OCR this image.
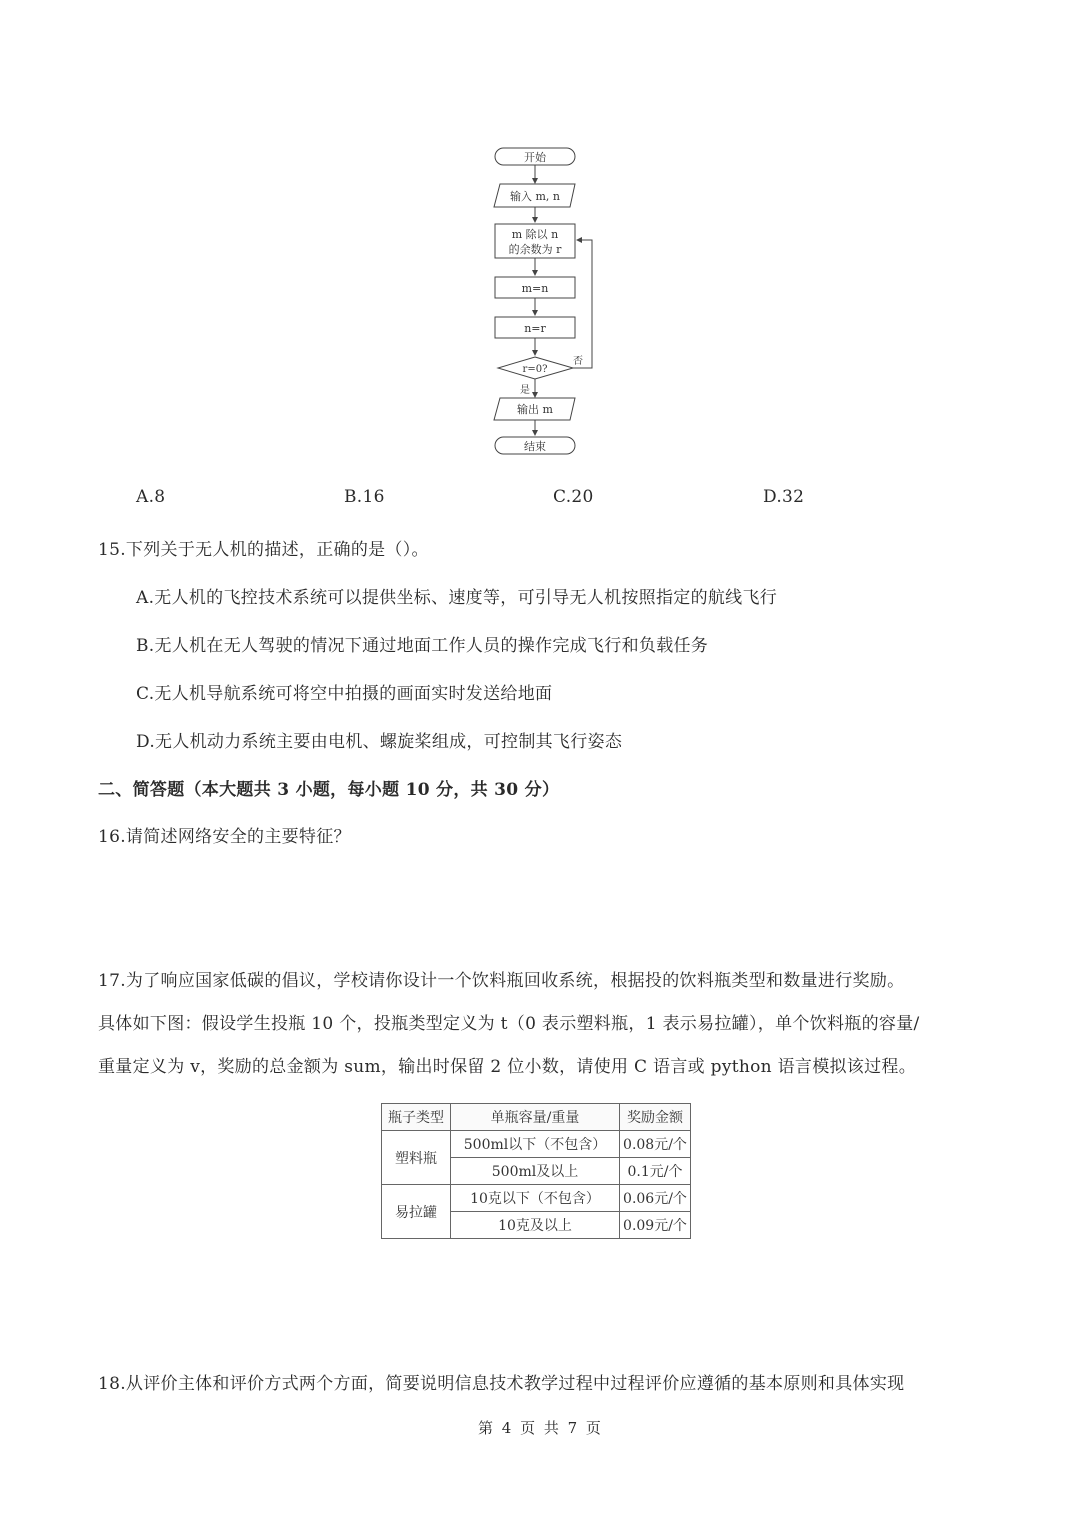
开始
输入 m, n
m 除以 n
的余数为 r
m=n
n=r
r=0?
否
是
输出 m
结束
A.8	B.16	C.20	D.32
15.下列关于无人机的描述，正确的是（）。
A.无人机的飞控技术系统可以提供坐标、速度等，可引导无人机按照指定的航线飞行
B.无人机在无人驾驶的情况下通过地面工作人员的操作完成飞行和负载任务
C.无人机导航系统可将空中拍摄的画面实时发送给地面
D.无人机动力系统主要由电机、螺旋桨组成，可控制其飞行姿态
二、简答题（本大题共 3 小题，每小题 10 分，共 30 分）
16.请简述网络安全的主要特征？
17.为了响应国家低碳的倡议，学校请你设计一个饮料瓶回收系统，根据投的饮料瓶类型和数量进行奖励。
具体如下图：假设学生投瓶 10 个，投瓶类型定义为 t（0 表示塑料瓶，1 表示易拉罐），单个饮料瓶的容量/
重量定义为 v，奖励的总金额为 sum，输出时保留 2 位小数，请使用 C 语言或 python 语言模拟该过程。
瓶子类型	单瓶容量/重量	奖励金额
塑料瓶	500ml以下（不包含）	0.08元/个
	500ml及以上	0.1元/个
易拉罐	10克以下（不包含）	0.06元/个
	10克及以上	0.09元/个
18.从评价主体和评价方式两个方面，简要说明信息技术教学过程中过程评价应遵循的基本原则和具体实现
第 4 页 共 7 页
